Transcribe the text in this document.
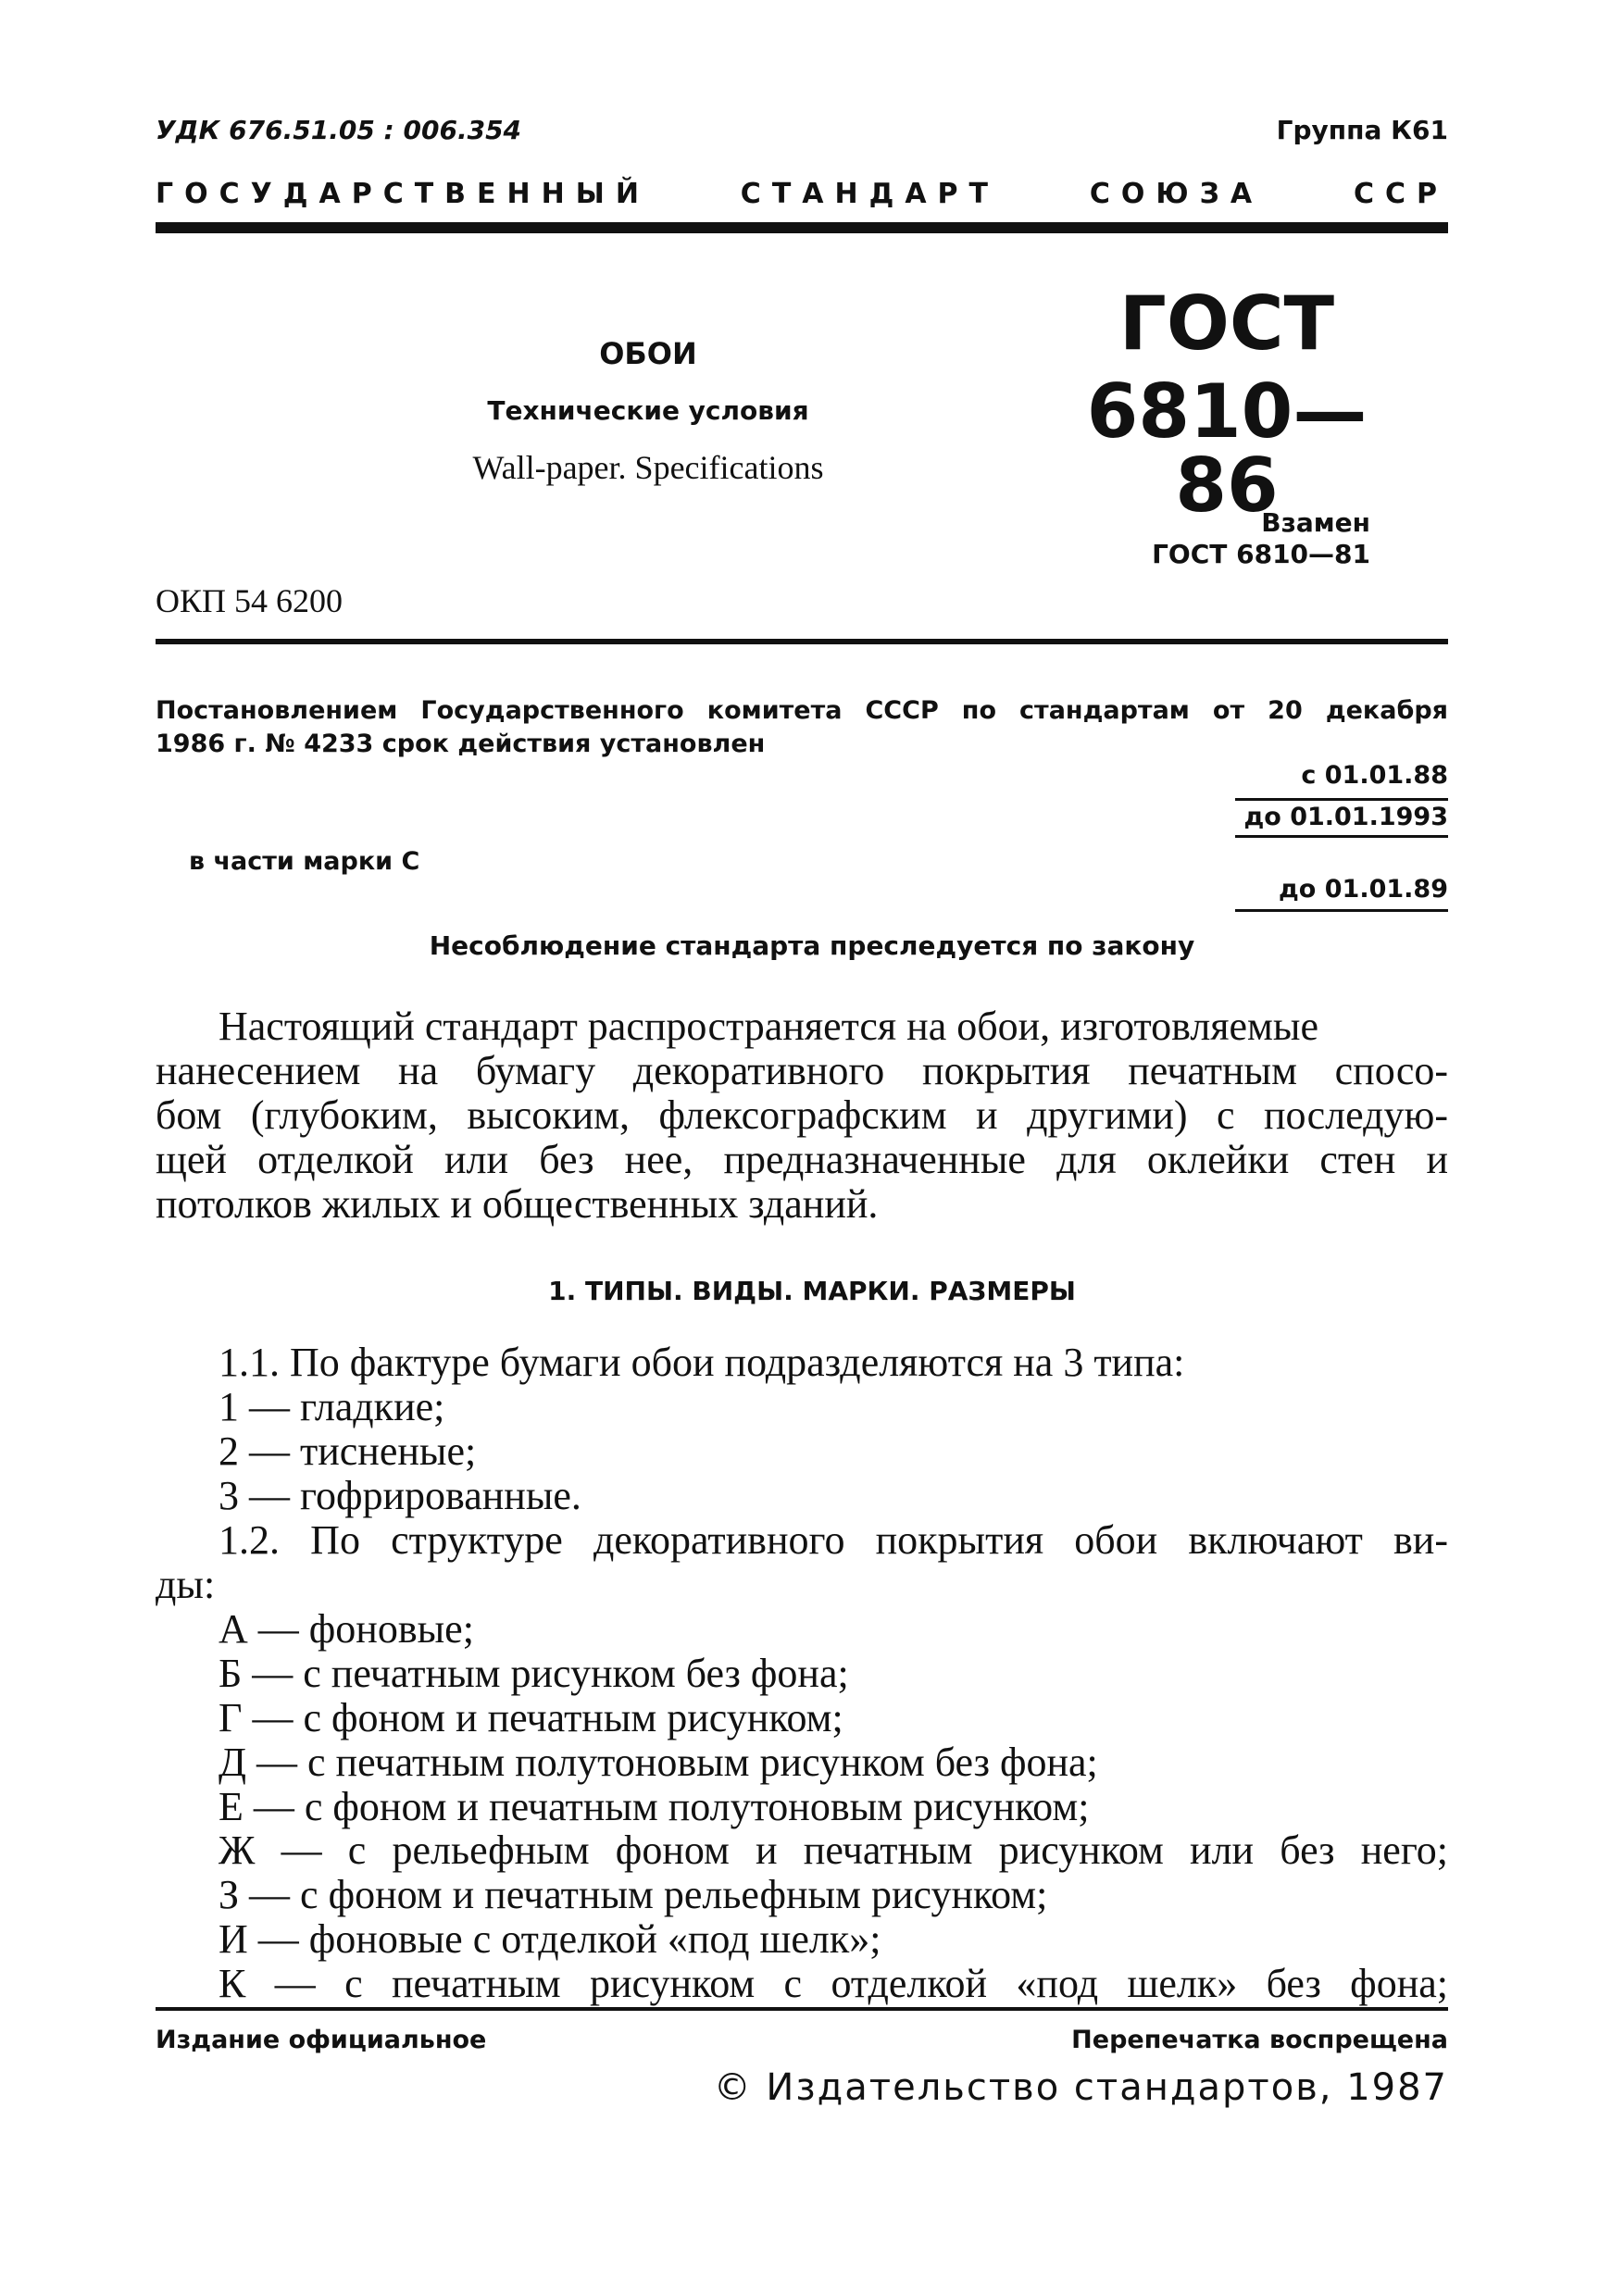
УДК 676.51.05 : 006.354	Группа К61
ГОСУДАРСТВЕННЫЙ СТАНДАРТ СОЮЗА ССР
ОБОИ
Технические условия
Wall-paper. Specifications
ОКП 54 6200
ГОСТ
6810—86
Взамен
ГОСТ 6810—81
Постановлением Государственного комитета СССР по стандартам от 20 декабря
1986 г. № 4233 срок действия установлен
с 01.01.88
до 01.01.1993
в части марки С
до 01.01.89
Несоблюдение стандарта преследуется по закону
Настоящий стандарт распространяется на обои, изготовляемые
нанесением на бумагу декоративного покрытия печатным спосо-
бом (глубоким, высоким, флексографским и другими) с последую-
щей отделкой или без нее, предназначенные для оклейки стен и
потолков жилых и общественных зданий.
1. ТИПЫ. ВИДЫ. МАРКИ. РАЗМЕРЫ
1.1. По фактуре бумаги обои подразделяются на 3 типа:
1 — гладкие;
2 — тисненые;
3 — гофрированные.
1.2. По структуре декоративного покрытия обои включают ви-
ды:
А — фоновые;
Б — с печатным рисунком без фона;
Г — с фоном и печатным рисунком;
Д — с печатным полутоновым рисунком без фона;
Е — с фоном и печатным полутоновым рисунком;
Ж — с рельефным фоном и печатным рисунком или без него;
З — с фоном и печатным рельефным рисунком;
И — фоновые с отделкой «под шелк»;
К — с печатным рисунком с отделкой «под шелк» без фона;
Издание официальное	Перепечатка воспрещена
© Издательство стандартов, 1987
